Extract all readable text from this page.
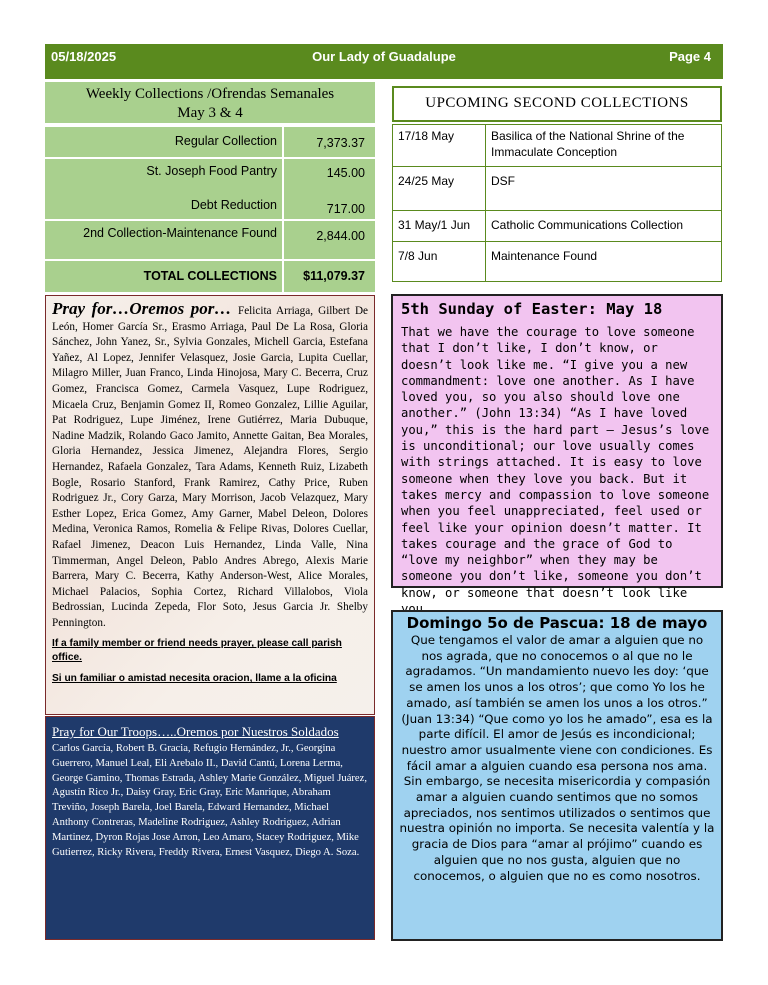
05/18/2025	Our Lady of Guadalupe	Page 4
Weekly Collections /Ofrendas Semanales
May 3 & 4
Regular Collection	7,373.37
St. Joseph Food Pantry	145.00
Debt Reduction	717.00
2nd Collection-Maintenance Found	2,844.00
TOTAL COLLECTIONS $11,079.37
UPCOMING SECOND COLLECTIONS
17/18 May	Basilica of the National Shrine of the Immaculate Conception
24/25 May	DSF
31 May/1 Jun	Catholic Communications Collection
7/8 Jun	Maintenance Found
Pray for…Oremos por… Felicita Arriaga, Gilbert De León, Homer García Sr., Erasmo Arriaga, Paul De La Rosa, Gloria Sánchez, John Yanez, Sr., Sylvia Gonzales, Michell Garcia, Estefana Yañez, Al Lopez, Jennifer Velasquez, Josie Garcia, Lupita Cuellar, Milagro Miller, Juan Franco, Linda Hinojosa, Mary C. Becerra, Cruz Gomez, Francisca Gomez, Carmela Vasquez, Lupe Rodriguez, Micaela Cruz, Benjamin Gomez II, Romeo Gonzalez, Lillie Aguilar, Pat Rodriguez, Lupe Jiménez, Irene Gutiérrez, Maria Dubuque, Nadine Madzik, Rolando Gaco Jamito, Annette Gaitan, Bea Morales, Gloria Hernandez, Jessica Jimenez, Alejandra Flores, Sergio Hernandez, Rafaela Gonzalez, Tara Adams, Kenneth Ruiz, Lizabeth Bogle, Rosario Stanford, Frank Ramirez, Cathy Price, Ruben Rodriguez Jr., Cory Garza, Mary Morrison, Jacob Velazquez, Mary Esther Lopez, Erica Gomez, Amy Garner, Mabel Deleon, Dolores Medina, Veronica Ramos, Romelia & Felipe Rivas, Dolores Cuellar, Rafael Jimenez, Deacon Luis Hernandez, Linda Valle, Nina Timmerman, Angel Deleon, Pablo Andres Abrego, Alexis Marie Barrera, Mary C. Becerra, Kathy Anderson-West, Alice Morales, Michael Palacios, Sophia Cortez, Richard Villalobos, Viola Bedrossian, Lucinda Zepeda, Flor Soto, Jesus Garcia Jr. Shelby Pennington.
If a family member or friend needs prayer, please call parish office.
Si un familiar o amistad necesita oracion, llame a la oficina
Pray for Our Troops…..Oremos por Nuestros Soldados
Carlos García, Robert B. Gracia, Refugio Hernández, Jr., Georgina Guerrero, Manuel Leal, Eli Arebalo II., David Cantú, Lorena Lerma, George Gamino, Thomas Estrada, Ashley Marie González, Miguel Juárez, Agustín Rico Jr., Daisy Gray, Eric Gray, Eric Manrique, Abraham Treviño, Joseph Barela, Joel Barela, Edward Hernandez, Michael Anthony Contreras, Madeline Rodriguez, Ashley Rodriguez, Adrian Martinez, Dyron Rojas Jose Arron, Leo Amaro, Stacey Rodriguez, Mike Gutierrez, Ricky Rivera, Freddy Rivera, Ernest Vasquez, Diego A. Soza.
5th Sunday of Easter: May 18
That we have the courage to love someone that I don’t like, I don’t know, or doesn’t look like me. “I give you a new commandment: love one another. As I have loved you, so you also should love one another.” (John 13:34) “As I have loved you,” this is the hard part – Jesus’s love is unconditional; our love usually comes with strings attached. It is easy to love someone when they love you back. But it takes mercy and compassion to love someone when you feel unappreciated, feel used or feel like your opinion doesn’t matter. It takes courage and the grace of God to “love my neighbor” when they may be someone you don’t like, someone you don’t know, or someone that doesn’t look like
Domingo 5o de Pascua: 18 de mayo
Que tengamos el valor de amar a alguien que no nos agrada, que no conocemos o al que no le agradamos. “Un mandamiento nuevo les doy: ‘que se amen los unos a los otros’; que como Yo los he amado, así también se amen los unos a los otros.” (Juan 13:34) “Que como yo los he amado”, esa es la parte difícil. El amor de Jesús es incondicional; nuestro amor usualmente viene con condiciones. Es fácil amar a alguien cuando esa persona nos ama. Sin embargo, se necesita misericordia y compasión amar a alguien cuando sentimos que no somos apreciados, nos sentimos utilizados o sentimos que nuestra opinión no importa. Se necesita valentía y la gracia de Dios para “amar al prójimo” cuando es alguien que no nos gusta, alguien que no conocemos, o alguien que no es como nosotros.
